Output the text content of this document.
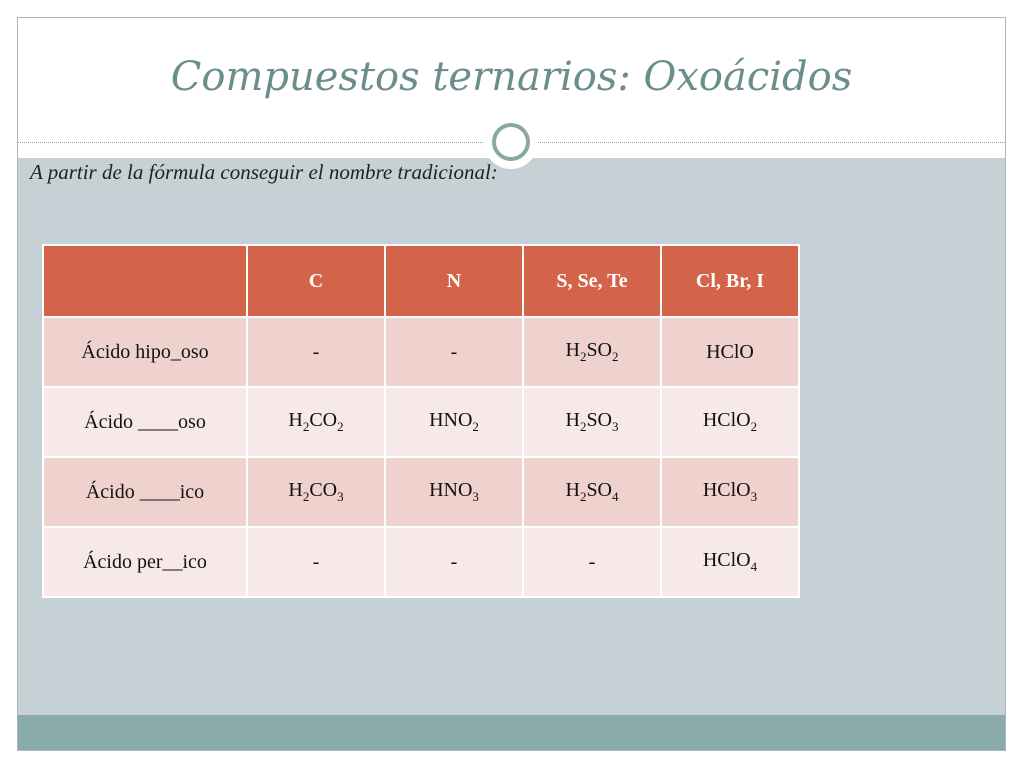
Compuestos ternarios: Oxoácidos
A partir de la fórmula conseguir el nombre tradicional:
	C	N	S, Se, Te	Cl, Br, I
Ácido hipo_oso	-	-	$H_2SO_2$	HClO
Ácido ____oso	$H_2CO_2$	$HNO_2$	$H_2SO_3$	HClO$_2$
Ácido ____ico	$H_2CO_3$	$HNO_3$	$H_2SO_4$	HClO$_3$
Ácido per__ico	-	-	-	HClO$_4$
